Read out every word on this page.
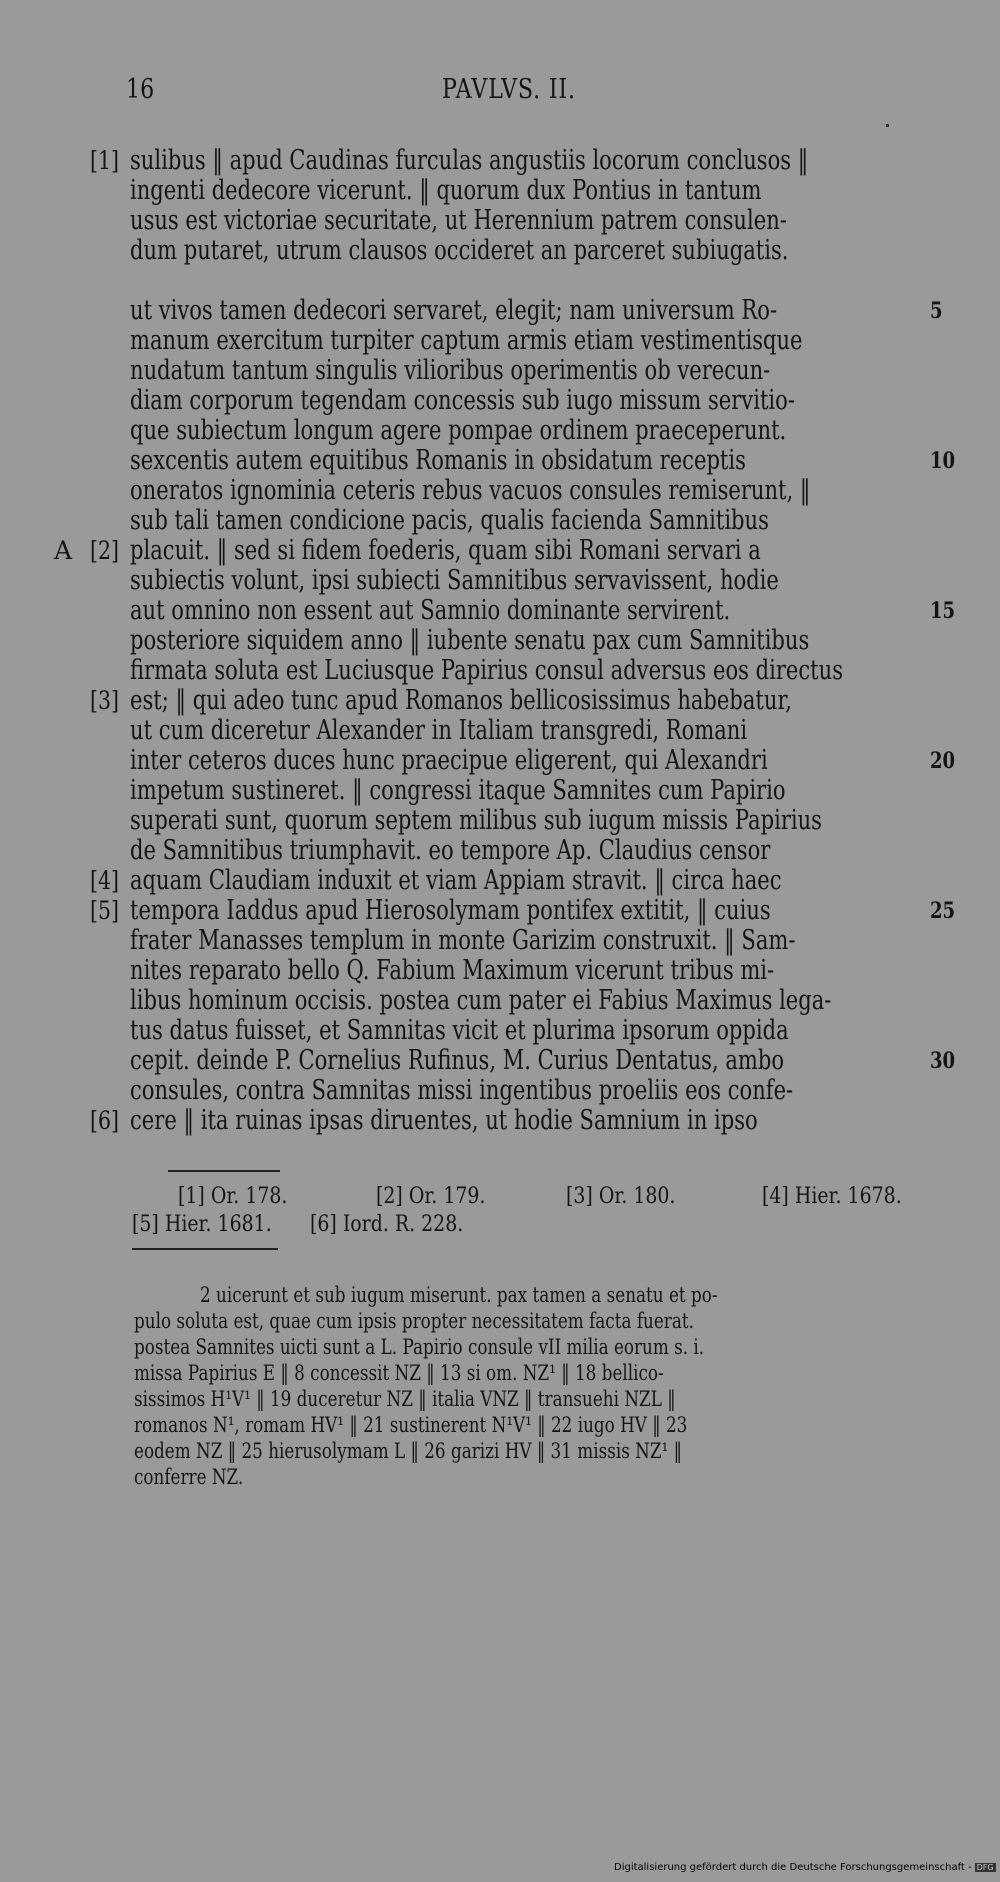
16	PAVLVS. II.
sulibus ‖ apud Caudinas furculas angustiis locorum conclusos ‖
ingenti dedecore vicerunt. ‖ quorum dux Pontius in tantum
usus est victoriae securitate, ut Herennium patrem consulen-
dum putaret, utrum clausos occideret an parceret subiugatis.
ut vivos tamen dedecori servaret, elegit; nam universum Ro-
manum exercitum turpiter captum armis etiam vestimentisque
nudatum tantum singulis vilioribus operimentis ob verecun-
diam corporum tegendam concessis sub iugo missum servitio-
que subiectum longum agere pompae ordinem praeceperunt.
sexcentis autem equitibus Romanis in obsidatum receptis
oneratos ignominia ceteris rebus vacuos consules remiserunt, ‖
sub tali tamen condicione pacis, qualis facienda Samnitibus
placuit. ‖ sed si fidem foederis, quam sibi Romani servari a
subiectis volunt, ipsi subiecti Samnitibus servavissent, hodie
aut omnino non essent aut Samnio dominante servirent.
posteriore siquidem anno ‖ iubente senatu pax cum Samnitibus
firmata soluta est Luciusque Papirius consul adversus eos directus
est; ‖ qui adeo tunc apud Romanos bellicosissimus habebatur,
ut cum diceretur Alexander in Italiam transgredi, Romani
inter ceteros duces hunc praecipue eligerent, qui Alexandri
impetum sustineret. ‖ congressi itaque Samnites cum Papirio
superati sunt, quorum septem milibus sub iugum missis Papirius
de Samnitibus triumphavit. eo tempore Ap. Claudius censor
aquam Claudiam induxit et viam Appiam stravit. ‖ circa haec
tempora Iaddus apud Hierosolymam pontifex extitit, ‖ cuius
frater Manasses templum in monte Garizim construxit. ‖ Sam-
nites reparato bello Q. Fabium Maximum vicerunt tribus mi-
libus hominum occisis. postea cum pater ei Fabius Maximus lega-
tus datus fuisset, et Samnitas vicit et plurima ipsorum oppida
cepit. deinde P. Cornelius Rufinus, M. Curius Dentatus, ambo
consules, contra Samnitas missi ingentibus proeliis eos confe-
cere ‖ ita ruinas ipsas diruentes, ut hodie Samnium in ipso
5
10
15
20
25
30
[1]
[2]
[3]
[4]
[5]
[6]
A
[1] Or. 178.	[2] Or. 179.	[3] Or. 180.	[4] Hier. 1678.
[5] Hier. 1681. [6] Iord. R. 228.
2 uicerunt et sub iugum miserunt. pax tamen a senatu et po-
pulo soluta est, quae cum ipsis propter necessitatem facta fuerat.
postea Samnites uicti sunt a L. Papirio consule vII milia eorum s. i.
missa Papirius E ‖ 8 concessit NZ ‖ 13 si om. NZ¹ ‖ 18 bellico-
sissimos H¹V¹ ‖ 19 duceretur NZ ‖ italia VNZ ‖ transuehi NZL ‖
romanos N¹, romam HV¹ ‖ 21 sustinerent N¹V¹ ‖ 22 iugo HV ‖ 23
eodem NZ ‖ 25 hierusolymam L ‖ 26 garizi HV ‖ 31 missis NZ¹ ‖
conferre NZ.
Digitalisierung gefördert durch die Deutsche Forschungsgemeinschaft - DFG
